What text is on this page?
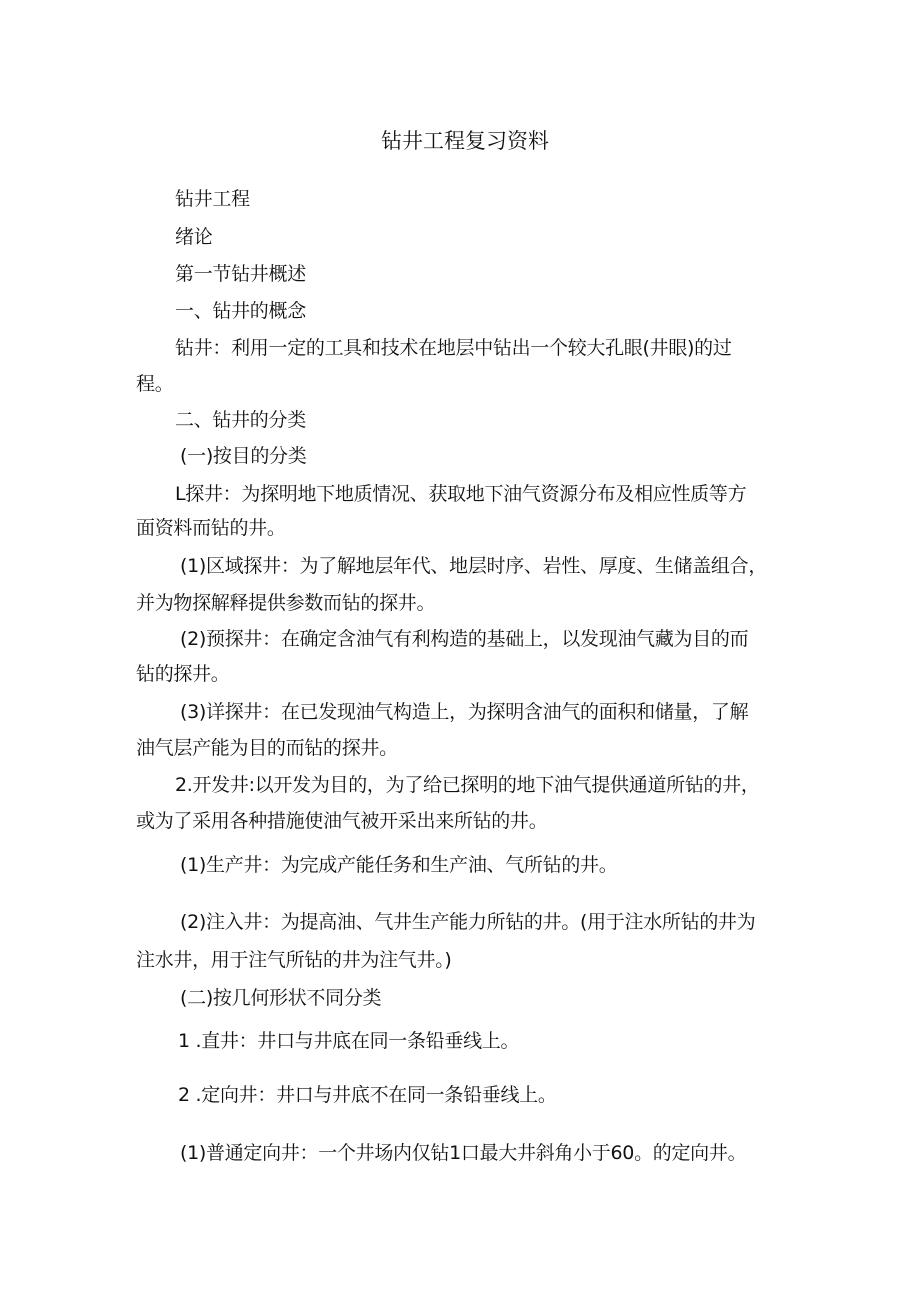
钻井工程复习资料
钻井工程
绪论
第一节钻井概述
一、钻井的概念
钻井：利用一定的工具和技术在地层中钻出一个较大孔眼(井眼)的过
程。
二、钻井的分类
(一)按目的分类
L探井：为探明地下地质情况、获取地下油气资源分布及相应性质等方
面资料而钻的井。
(1)区域探井：为了解地层年代、地层时序、岩性、厚度、生储盖组合，
并为物探解释提供参数而钻的探井。
(2)预探井：在确定含油气有利构造的基础上，以发现油气藏为目的而
钻的探井。
(3)详探井：在已发现油气构造上，为探明含油气的面积和储量，了解
油气层产能为目的而钻的探井。
2.开发井:以开发为目的，为了给已探明的地下油气提供通道所钻的井，
或为了采用各种措施使油气被开采出来所钻的井。
(1)生产井：为完成产能任务和生产油、气所钻的井。
(2)注入井：为提高油、气井生产能力所钻的井。(用于注水所钻的井为
注水井，用于注气所钻的井为注气井。)
(二)按几何形状不同分类
1 .直井：井口与井底在同一条铅垂线上。
2 .定向井：井口与井底不在同一条铅垂线上。
(1)普通定向井：一个井场内仅钻1口最大井斜角小于60。的定向井。
